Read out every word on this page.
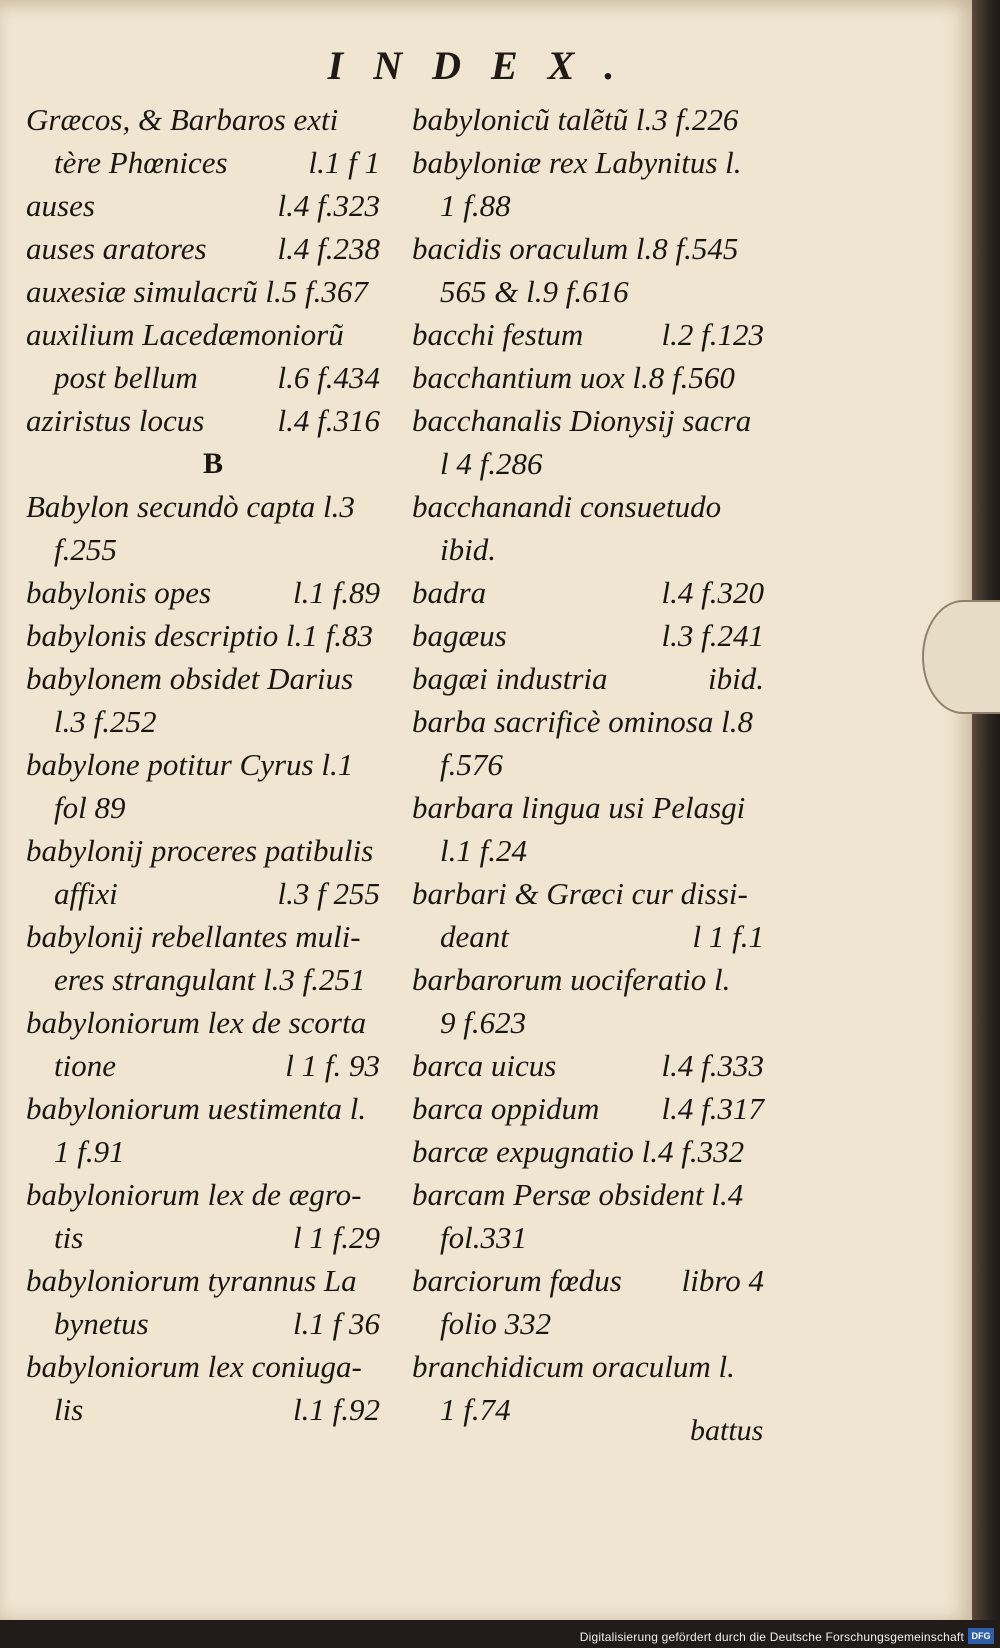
INDEX.
Græcos, & Barbaros exti
tère Phœnices	l.1 f 1
auses	l.4 f.323
auses aratores l.4 f.238
auxesiæ simulacrũ l.5 f.367
auxilium Lacedæmoniorũ
post bellum	l.6 f.434
aziristus locus l.4 f.316
B
Babylon secundò capta l.3
f.255
babylonis opes	l.1 f.89
babylonis descriptio l.1 f.83
babylonem obsidet Darius
l.3 f.252
babylone potitur Cyrus l.1
fol 89
babylonij proceres patibulis
affixi	l.3 f 255
babylonij rebellantes muli-
eres strangulant l.3 f.251
babyloniorum lex de scorta
tione	l 1 f. 93
babyloniorum uestimenta l.
1 f.91
babyloniorum lex de ægro-
tis	l 1 f.29
babyloniorum tyrannus La
bynetus	l.1 f 36
babyloniorum lex coniuga-
lis	l.1 f.92
babylonicũ talẽtũ l.3 f.226
babyloniæ rex Labynitus l.
1 f.88
bacidis oraculum l.8 f.545
565 & l.9 f.616
bacchi festum	l.2 f.123
bacchantium uox l.8 f.560
bacchanalis Dionysij sacra
l 4 f.286
bacchanandi consuetudo
ibid.
badra	l.4 f.320
bagæus	l.3 f.241
bagæi industria	ibid.
barba sacrificè ominosa l.8
f.576
barbara lingua usi Pelasgi
l.1 f.24
barbari & Græci cur dissi-
deant	l 1 f.1
barbarorum uociferatio l.
9 f.623
barca uicus	l.4 f.333
barca oppidum l.4 f.317
barcæ expugnatio l.4 f.332
barcam Persæ obsident l.4
fol.331
barciorum fœdus libro 4
folio 332
branchidicum oraculum l.
1 f.74
battus
Digitalisierung gefördert durch die Deutsche Forschungsgemeinschaft DFG
